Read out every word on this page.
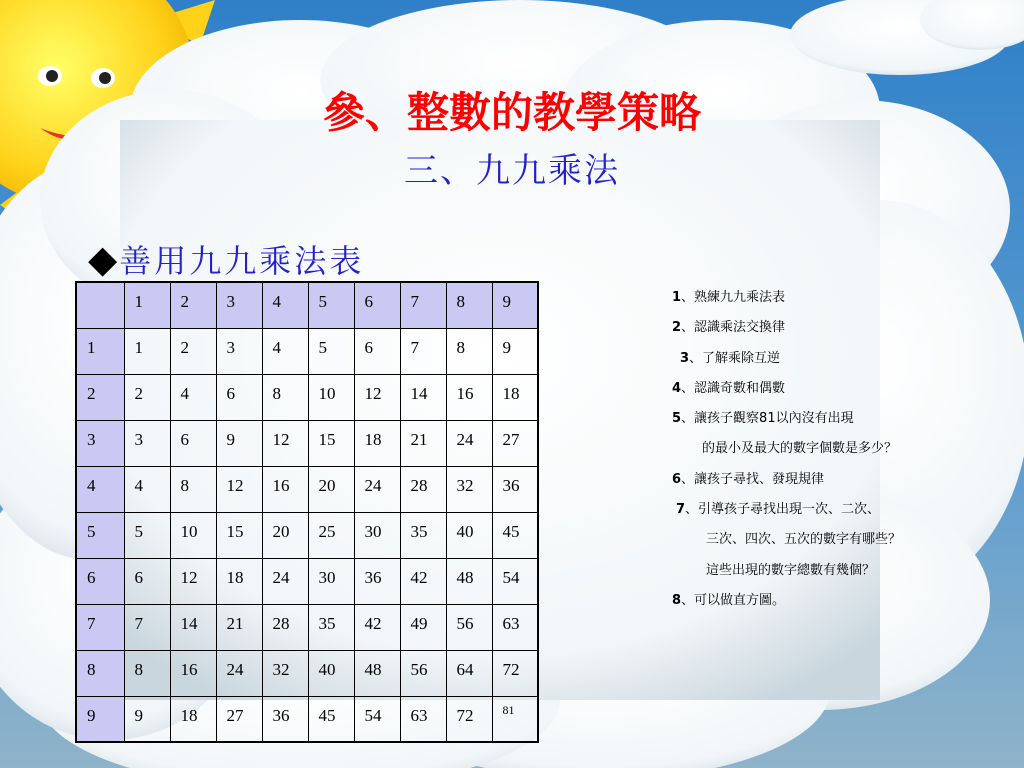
參、整數的教學策略
三、九九乘法
◆ 善用九九乘法表
	1	2	3	4	5	6	7	8	9
1	1	2	3	4	5	6	7	8	9
2	2	4	6	8	10	12	14	16	18
3	3	6	9	12	15	18	21	24	27
4	4	8	12	16	20	24	28	32	36
5	5	10	15	20	25	30	35	40	45
6	6	12	18	24	30	36	42	48	54
7	7	14	21	28	35	42	49	56	63
8	8	16	24	32	40	48	56	64	72
9	9	18	27	36	45	54	63	72	81
1、熟練九九乘法表
2、認識乘法交換律
3、了解乘除互逆
4、認識奇數和偶數
5、讓孩子觀察81以內沒有出現
的最小及最大的數字個數是多少？
6、讓孩子尋找、發現規律
7、引導孩子尋找出現一次、二次、
三次、四次、五次的數字有哪些？
這些出現的數字總數有幾個？
8、可以做直方圖。
